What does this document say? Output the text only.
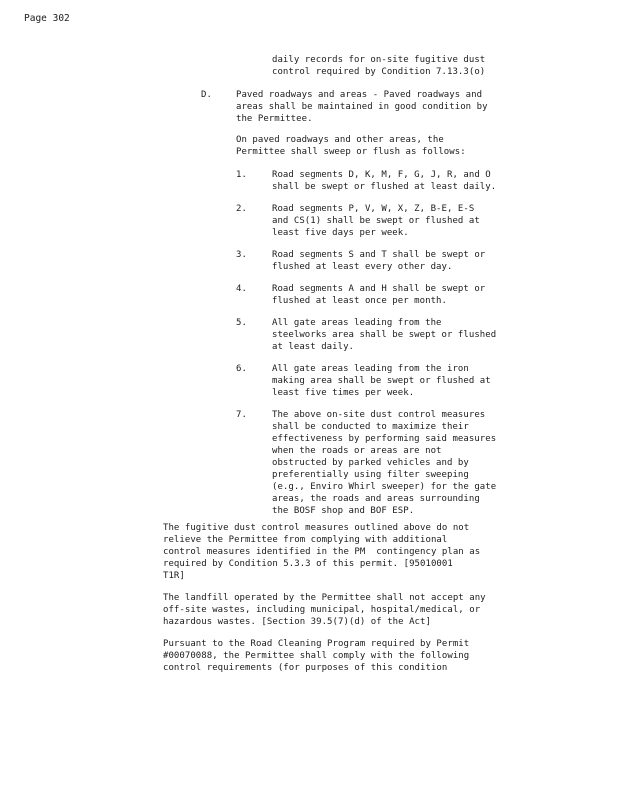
Page 302
daily records for on-site fugitive dust
control required by Condition 7.13.3(o)
D.	Paved roadways and areas - Paved roadways and
areas shall be maintained in good condition by
the Permittee.
On paved roadways and other areas, the
Permittee shall sweep or flush as follows:
1.	Road segments D, K, M, F, G, J, R, and O
shall be swept or flushed at least daily.
2.	Road segments P, V, W, X, Z, B-E, E-S
and CS(1) shall be swept or flushed at
least five days per week.
3.	Road segments S and T shall be swept or
flushed at least every other day.
4.	Road segments A and H shall be swept or
flushed at least once per month.
5.	All gate areas leading from the
steelworks area shall be swept or flushed
at least daily.
6.	All gate areas leading from the iron
making area shall be swept or flushed at
least five times per week.
7.	The above on-site dust control measures
shall be conducted to maximize their
effectiveness by performing said measures
when the roads or areas are not
obstructed by parked vehicles and by
preferentially using filter sweeping
(e.g., Enviro Whirl sweeper) for the gate
areas, the roads and areas surrounding
the BOSF shop and BOF ESP.
The fugitive dust control measures outlined above do not
relieve the Permittee from complying with additional
control measures identified in the PM  contingency plan as
required by Condition 5.3.3 of this permit. [95010001
T1R]
The landfill operated by the Permittee shall not accept any
off-site wastes, including municipal, hospital/medical, or
hazardous wastes. [Section 39.5(7)(d) of the Act]
Pursuant to the Road Cleaning Program required by Permit
#00070088, the Permittee shall comply with the following
control requirements (for purposes of this condition
